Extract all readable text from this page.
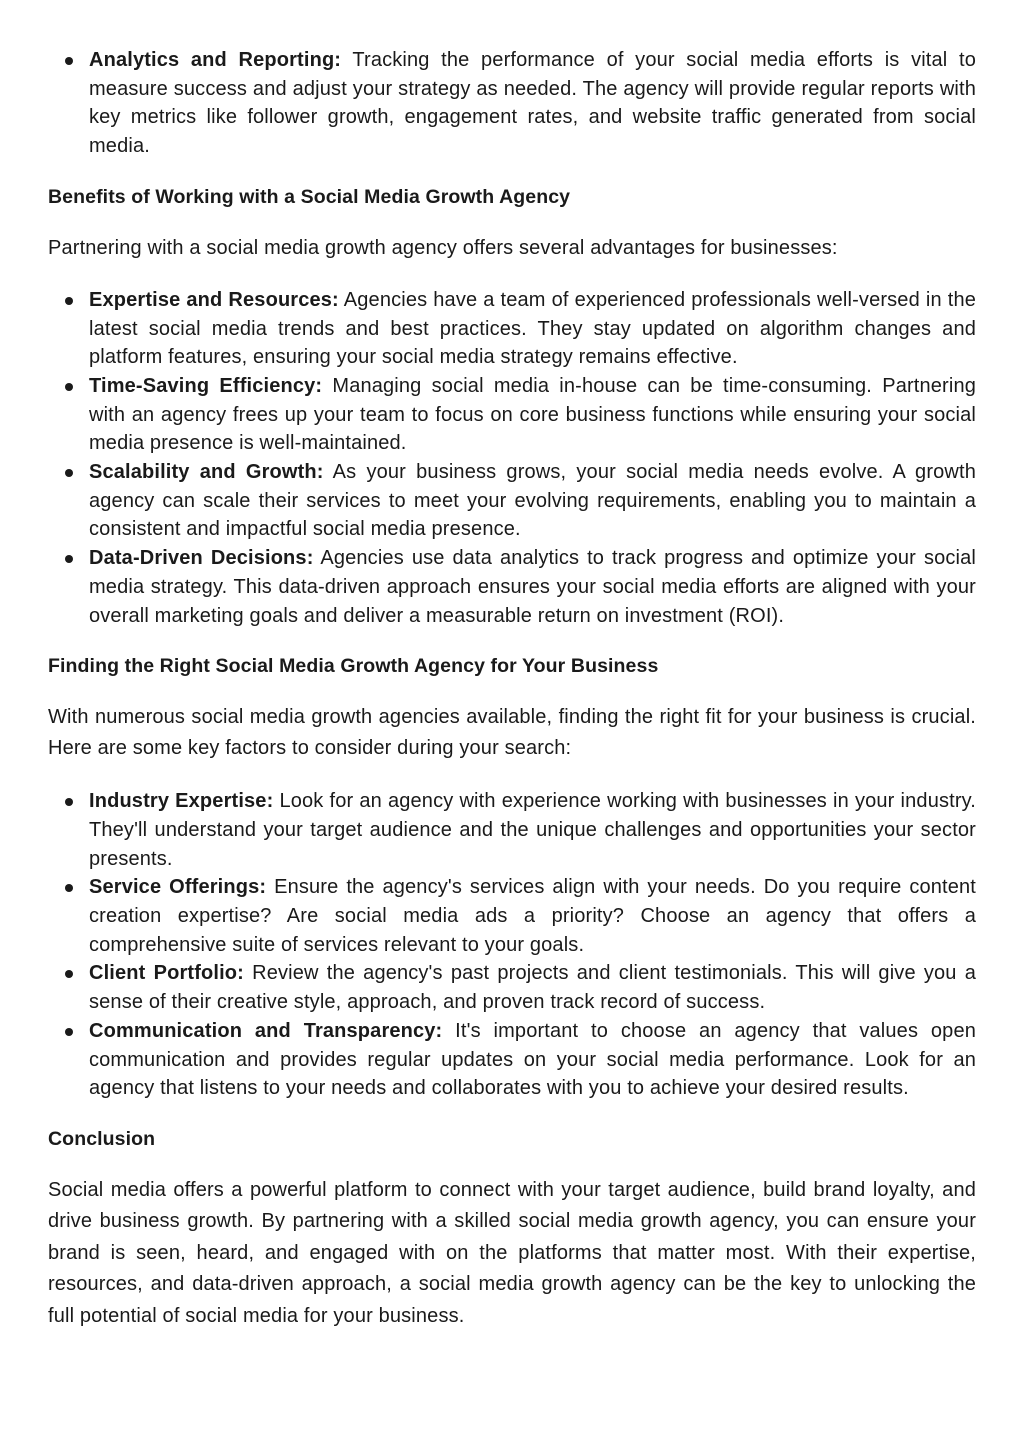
Analytics and Reporting: Tracking the performance of your social media efforts is vital to measure success and adjust your strategy as needed. The agency will provide regular reports with key metrics like follower growth, engagement rates, and website traffic generated from social media.
Benefits of Working with a Social Media Growth Agency

Partnering with a social media growth agency offers several advantages for businesses:

Expertise and Resources: Agencies have a team of experienced professionals well-versed in the latest social media trends and best practices. They stay updated on algorithm changes and platform features, ensuring your social media strategy remains effective.
Time-Saving Efficiency: Managing social media in-house can be time-consuming. Partnering with an agency frees up your team to focus on core business functions while ensuring your social media presence is well-maintained.
Scalability and Growth: As your business grows, your social media needs evolve. A growth agency can scale their services to meet your evolving requirements, enabling you to maintain a consistent and impactful social media presence.
Data-Driven Decisions: Agencies use data analytics to track progress and optimize your social media strategy. This data-driven approach ensures your social media efforts are aligned with your overall marketing goals and deliver a measurable return on investment (ROI).
Finding the Right Social Media Growth Agency for Your Business

With numerous social media growth agencies available, finding the right fit for your business is crucial. Here are some key factors to consider during your search:

Industry Expertise: Look for an agency with experience working with businesses in your industry. They'll understand your target audience and the unique challenges and opportunities your sector presents.
Service Offerings: Ensure the agency's services align with your needs. Do you require content creation expertise? Are social media ads a priority? Choose an agency that offers a comprehensive suite of services relevant to your goals.
Client Portfolio: Review the agency's past projects and client testimonials. This will give you a sense of their creative style, approach, and proven track record of success.
Communication and Transparency: It's important to choose an agency that values open communication and provides regular updates on your social media performance. Look for an agency that listens to your needs and collaborates with you to achieve your desired results.
Conclusion

Social media offers a powerful platform to connect with your target audience, build brand loyalty, and drive business growth. By partnering with a skilled social media growth agency, you can ensure your brand is seen, heard, and engaged with on the platforms that matter most. With their expertise, resources, and data-driven approach, a social media growth agency can be the key to unlocking the full potential of social media for your business.
